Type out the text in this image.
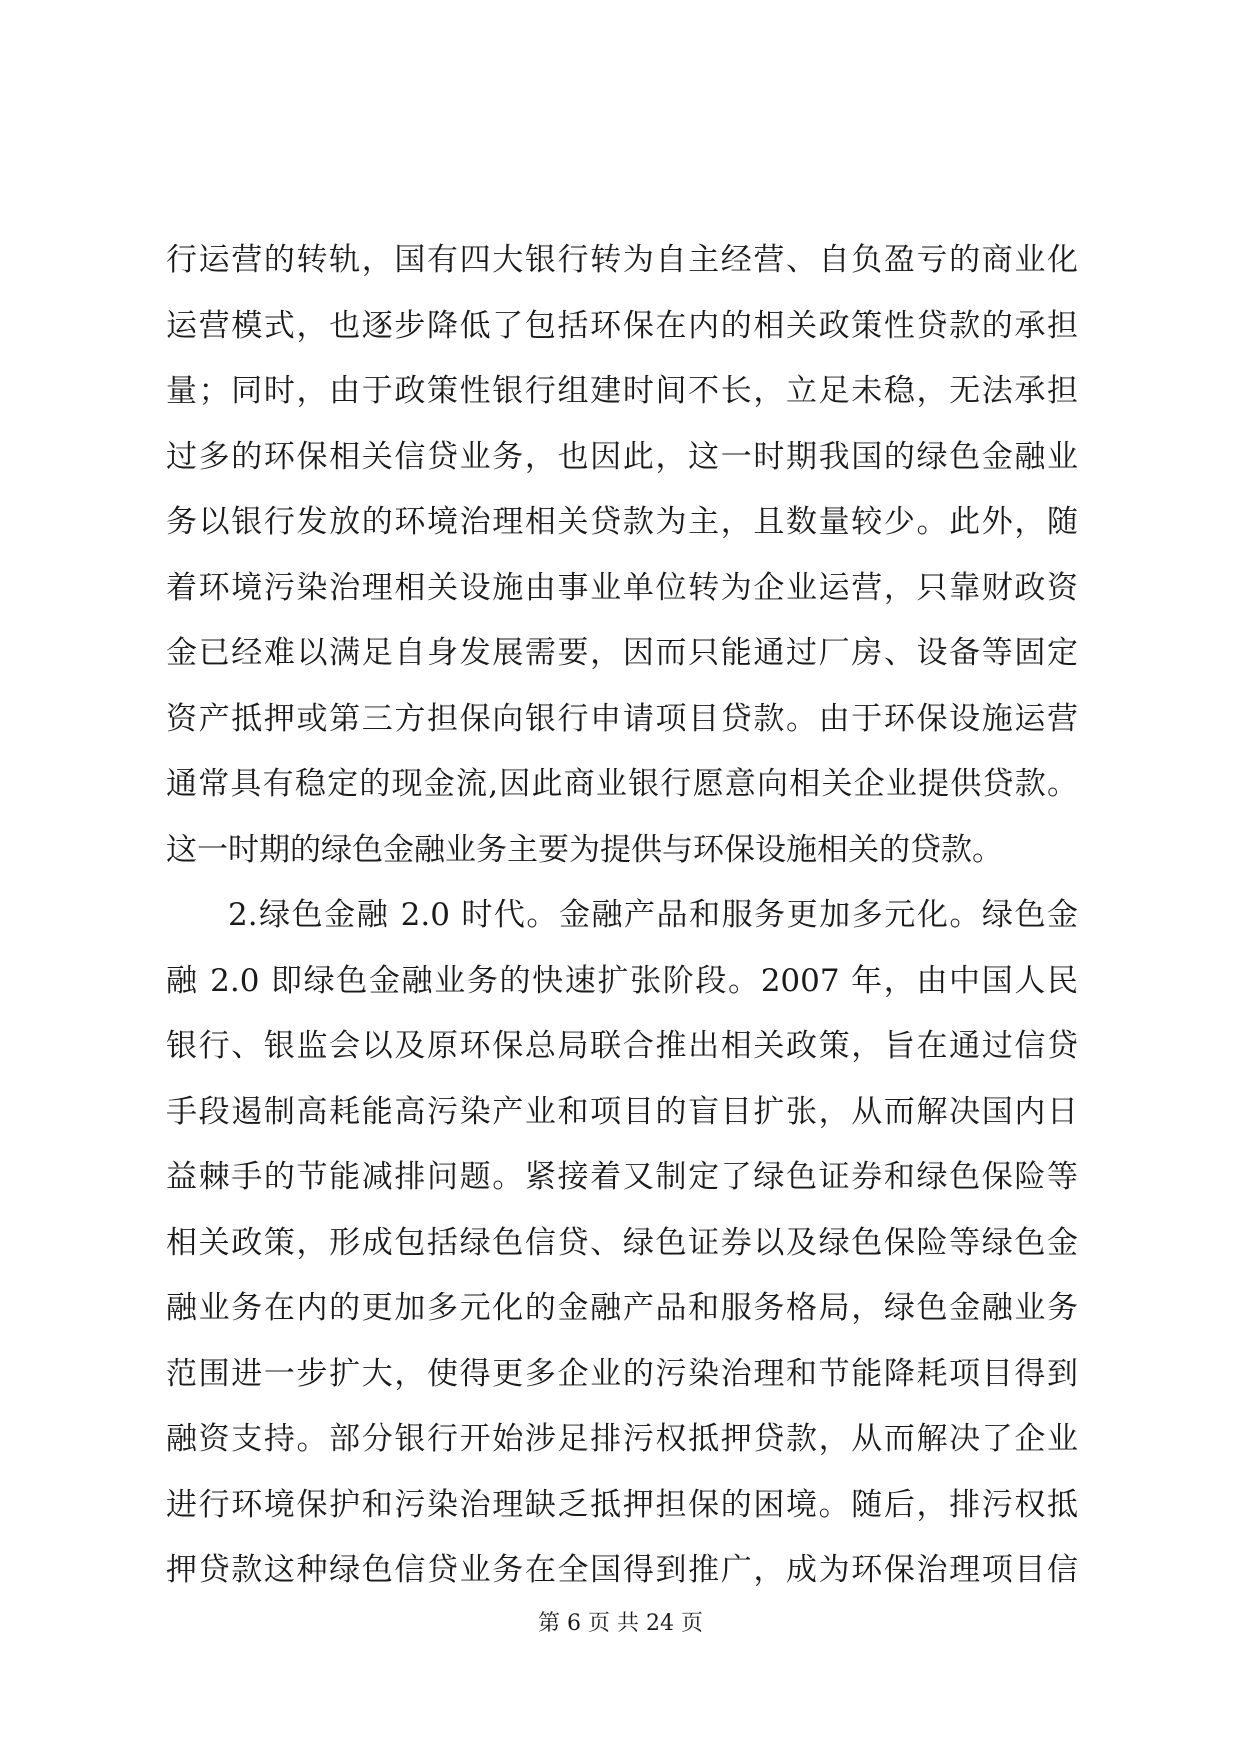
行运营的转轨，国有四大银行转为自主经营、自负盈亏的商业化
运营模式，也逐步降低了包括环保在内的相关政策性贷款的承担
量；同时，由于政策性银行组建时间不长，立足未稳，无法承担
过多的环保相关信贷业务，也因此，这一时期我国的绿色金融业
务以银行发放的环境治理相关贷款为主，且数量较少。此外，随
着环境污染治理相关设施由事业单位转为企业运营，只靠财政资
金已经难以满足自身发展需要，因而只能通过厂房、设备等固定
资产抵押或第三方担保向银行申请项目贷款。由于环保设施运营
通常具有稳定的现金流,因此商业银行愿意向相关企业提供贷款。
这一时期的绿色金融业务主要为提供与环保设施相关的贷款。
2.绿色金融 2.0 时代。金融产品和服务更加多元化。绿色金
融 2.0 即绿色金融业务的快速扩张阶段。2007 年，由中国人民
银行、银监会以及原环保总局联合推出相关政策，旨在通过信贷
手段遏制高耗能高污染产业和项目的盲目扩张，从而解决国内日
益棘手的节能减排问题。紧接着又制定了绿色证券和绿色保险等
相关政策，形成包括绿色信贷、绿色证券以及绿色保险等绿色金
融业务在内的更加多元化的金融产品和服务格局，绿色金融业务
范围进一步扩大，使得更多企业的污染治理和节能降耗项目得到
融资支持。部分银行开始涉足排污权抵押贷款，从而解决了企业
进行环境保护和污染治理缺乏抵押担保的困境。随后，排污权抵
押贷款这种绿色信贷业务在全国得到推广，成为环保治理项目信
第 6 页 共 24 页
